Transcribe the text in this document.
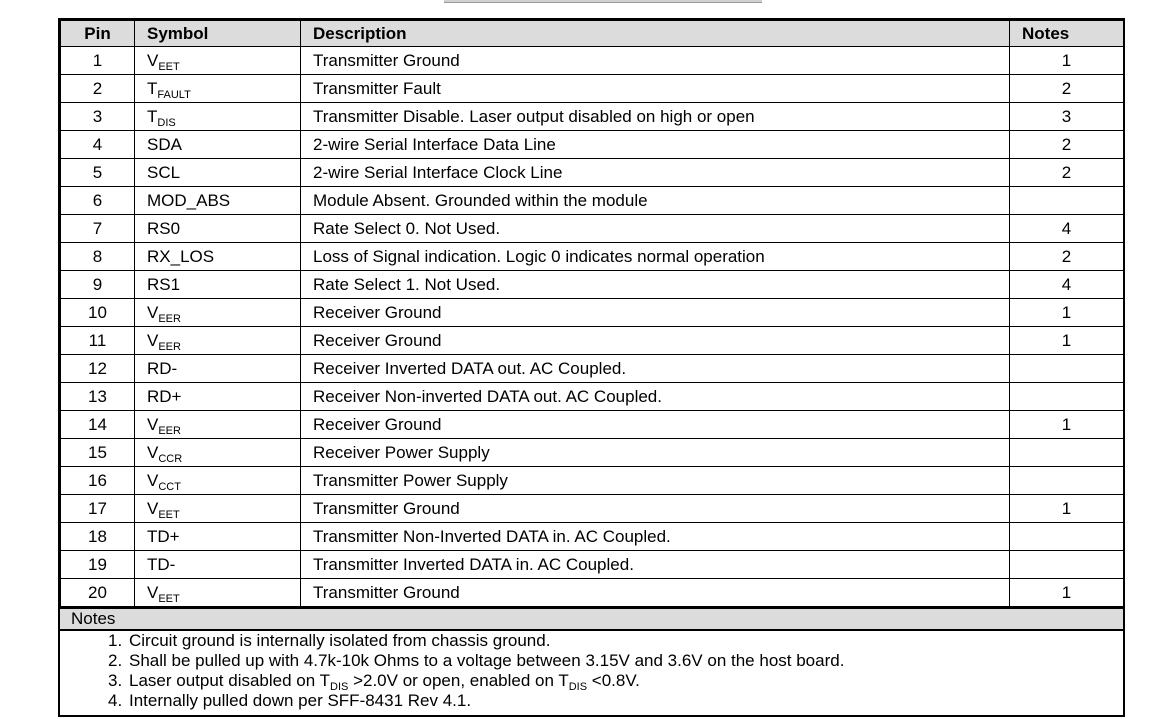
Pin	Symbol	Description	Notes
1	$V_{EET}$	Transmitter Ground	1
2	$T_{FAULT}$	Transmitter Fault	2
3	$T_{DIS}$	Transmitter Disable. Laser output disabled on high or open	3
4	SDA	2-wire Serial Interface Data Line	2
5	SCL	2-wire Serial Interface Clock Line	2
6	MOD_ABS	Module Absent. Grounded within the module	
7	RS0	Rate Select 0. Not Used.	4
8	RX_LOS	Loss of Signal indication. Logic 0 indicates normal operation	2
9	RS1	Rate Select 1. Not Used.	4
10	$V_{EER}$	Receiver Ground	1
11	$V_{EER}$	Receiver Ground	1
12	RD-	Receiver Inverted DATA out. AC Coupled.	
13	RD+	Receiver Non-inverted DATA out. AC Coupled.	
14	$V_{EER}$	Receiver Ground	1
15	$V_{CCR}$	Receiver Power Supply	
16	$V_{CCT}$	Transmitter Power Supply	
17	$V_{EET}$	Transmitter Ground	1
18	TD+	Transmitter Non-Inverted DATA in. AC Coupled.	
19	TD-	Transmitter Inverted DATA in. AC Coupled.	
20	$V_{EET}$	Transmitter Ground	1
Notes
1. Circuit ground is internally isolated from chassis ground.
2. Shall be pulled up with 4.7k-10k Ohms to a voltage between 3.15V and 3.6V on the host board.
3. Laser output disabled on $T_{DIS} >2.0V$ or open, enabled on $T_{DIS} <0.8V$.
4. Internally pulled down per SFF-8431 Rev 4.1.
